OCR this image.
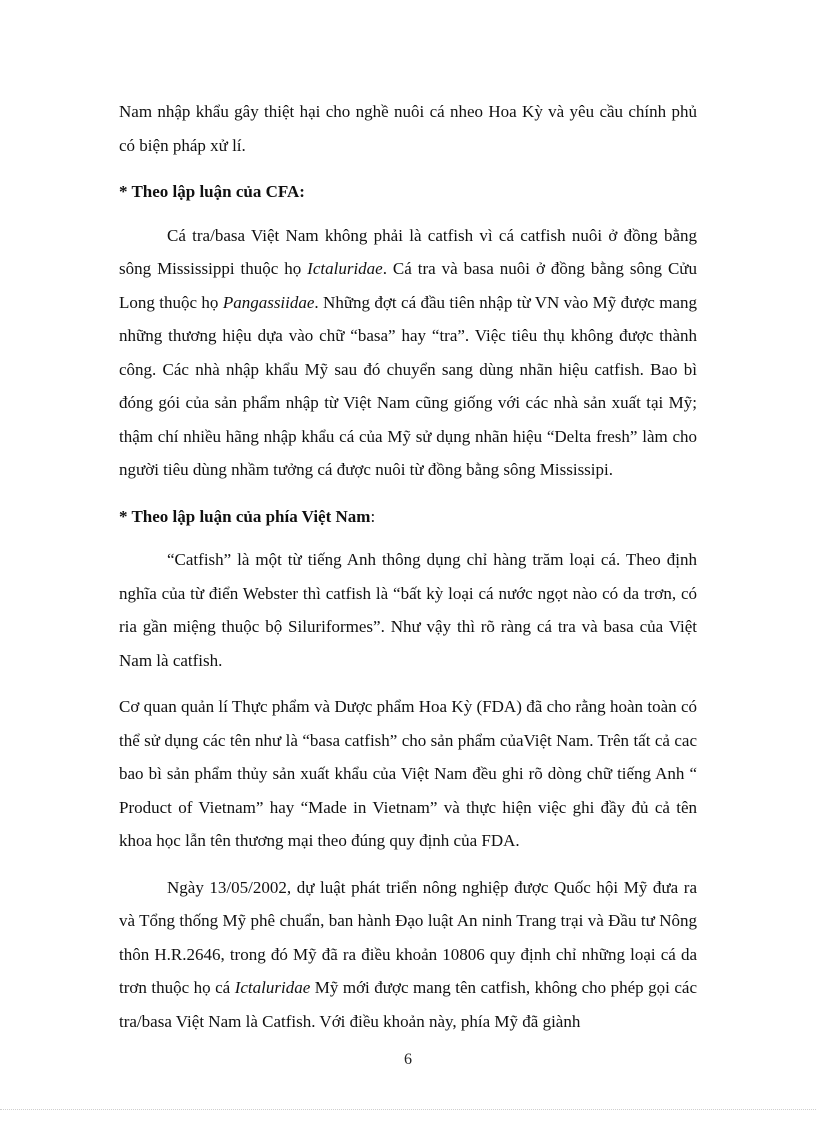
Nam nhập khẩu gây thiệt hại cho nghề nuôi cá nheo Hoa Kỳ và yêu cầu chính phủ có biện pháp xử lí.

* Theo lập luận của CFA:

Cá tra/basa Việt Nam không phải là catfish vì cá catfish nuôi ở đồng bằng sông Mississippi thuộc họ Ictaluridae. Cá tra và basa nuôi ở đồng bằng sông Cửu Long thuộc họ Pangassiidae. Những đợt cá đầu tiên nhập từ VN vào Mỹ được mang những thương hiệu dựa vào chữ “basa” hay “tra”. Việc tiêu thụ không được thành công. Các nhà nhập khẩu Mỹ sau đó chuyển sang dùng nhãn hiệu catfish. Bao bì đóng gói của sản phẩm nhập từ Việt Nam cũng giống với các nhà sản xuất tại Mỹ; thậm chí nhiều hãng nhập khẩu cá của Mỹ sử dụng nhãn hiệu “Delta fresh” làm cho người tiêu dùng nhầm tưởng cá được nuôi từ đồng bằng sông Mississipi.

* Theo lập luận của phía Việt Nam:

“Catfish” là một từ tiếng Anh thông dụng chỉ hàng trăm loại cá. Theo định nghĩa của từ điển Webster thì catfish là “bất kỳ loại cá nước ngọt nào có da trơn, có ria gần miệng thuộc bộ Siluriformes”. Như vậy thì rõ ràng cá tra và basa của Việt Nam là catfish.

Cơ quan quản lí Thực phẩm và Dược phẩm Hoa Kỳ (FDA) đã cho rằng hoàn toàn có thể sử dụng các tên như là “basa catfish” cho sản phẩm củaViệt Nam. Trên tất cả cac bao bì sản phẩm thủy sản xuất khẩu của Việt Nam đều ghi rõ dòng chữ tiếng Anh “ Product of Vietnam” hay “Made in Vietnam” và thực hiện việc ghi đầy đủ cả tên khoa học lẫn tên thương mại theo đúng quy định của FDA.

Ngày 13/05/2002, dự luật phát triển nông nghiệp được Quốc hội Mỹ đưa ra và Tổng thống Mỹ phê chuẩn, ban hành Đạo luật An ninh Trang trại và Đầu tư Nông thôn H.R.2646, trong đó Mỹ đã ra điều khoản 10806 quy định chỉ những loại cá da trơn thuộc họ cá Ictaluridae Mỹ mới được mang tên catfish, không cho phép gọi các tra/basa Việt Nam là Catfish. Với điều khoản này, phía Mỹ đã giành

6
